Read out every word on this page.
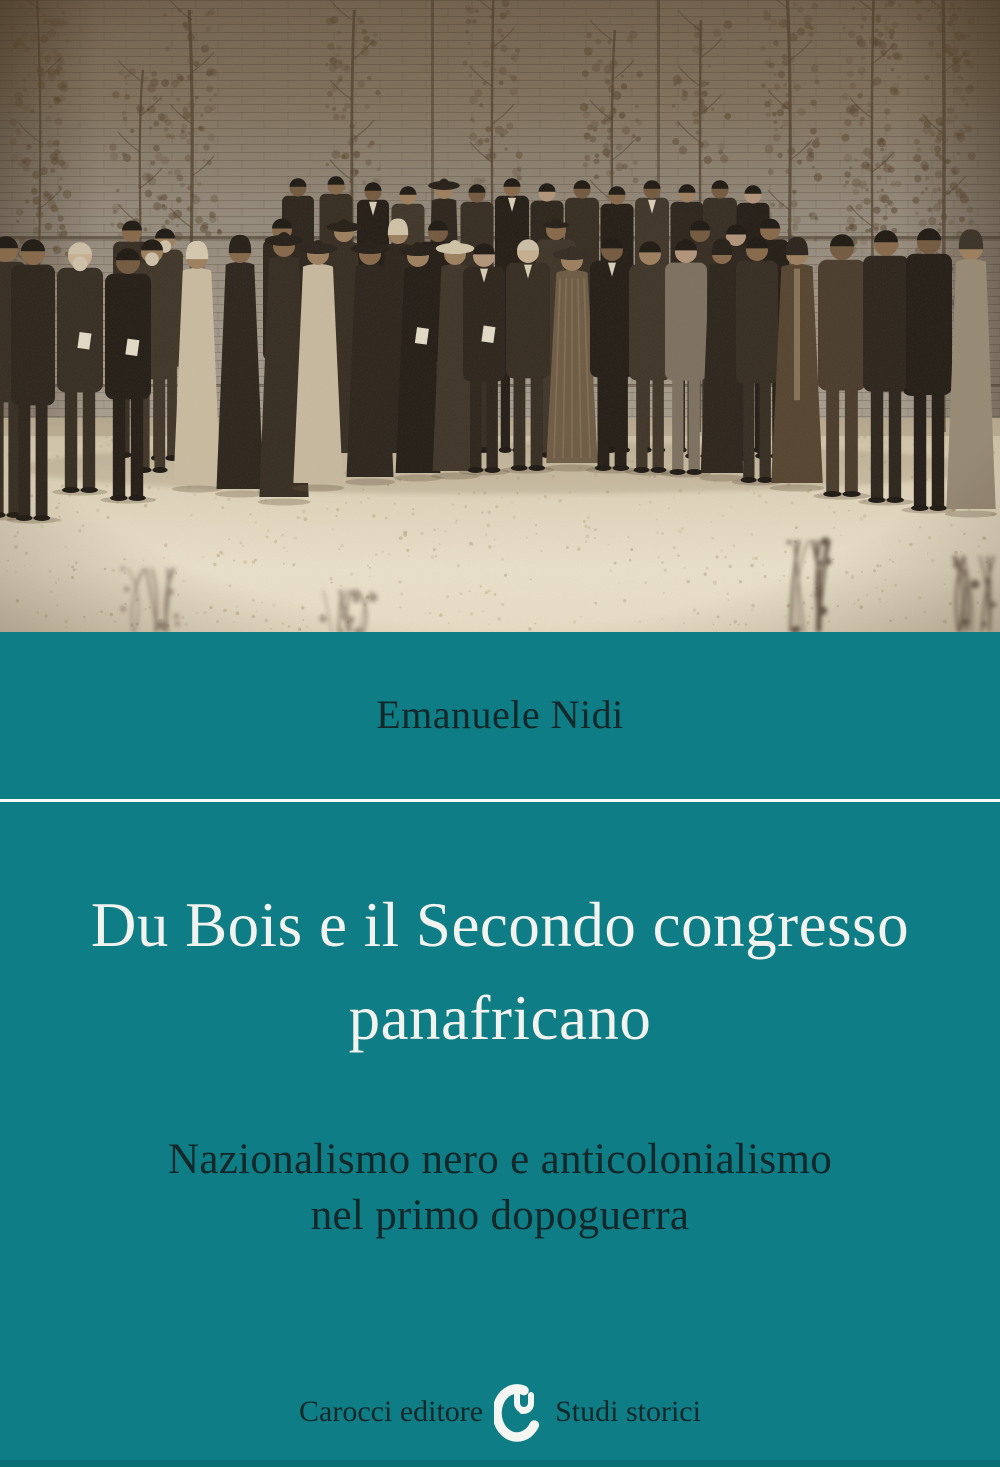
Emanuele Nidi
Du Bois e il Secondo congresso
panafricano
Nazionalismo nero e anticolonialismo
nel primo dopoguerra
Carocci editore Studi storici
